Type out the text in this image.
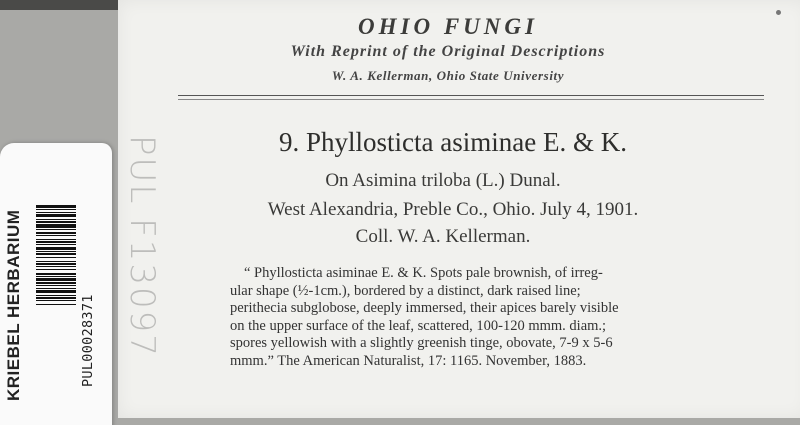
OHIO FUNGI
With Reprint of the Original Descriptions
W. A. Kellerman, Ohio State University
9. Phyllosticta asiminae E. & K.
On Asimina triloba (L.) Dunal.
West Alexandria, Preble Co., Ohio. July 4, 1901.
Coll. W. A. Kellerman.
“ Phyllosticta asiminae E. & K. Spots pale brownish, of irreg-
ular shape (½-1cm.), bordered by a distinct, dark raised line;
perithecia subglobose, deeply immersed, their apices barely visible
on the upper surface of the leaf, scattered, 100-120 mmm. diam.;
spores yellowish with a slightly greenish tinge, obovate, 7-9 x 5-6
mmm.” The American Naturalist, 17: 1165. November, 1883.
PUL F13097
KRIEBEL HERBARIUM	PUL00028371
